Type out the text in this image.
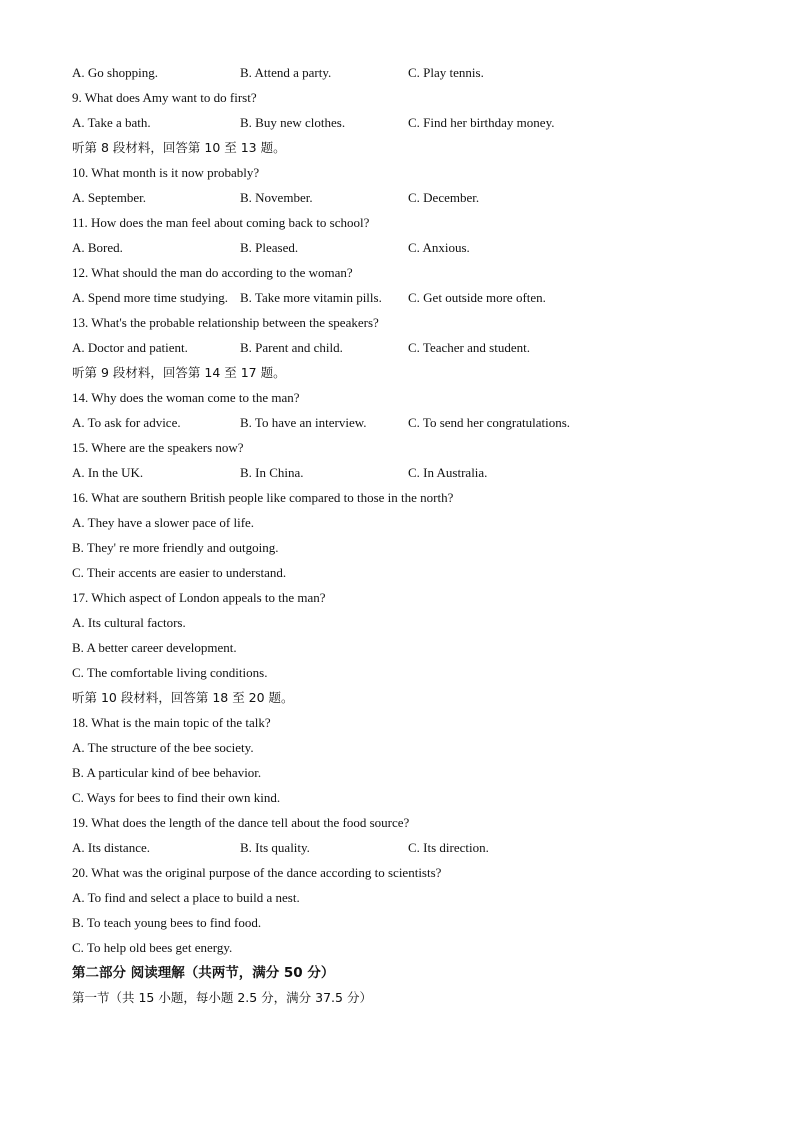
A. Go shopping.	B. Attend a party.	C. Play tennis.
9. What does Amy want to do first?
A. Take a bath.	B. Buy new clothes.	C. Find her birthday money.
听第 8 段材料，回答第 10 至 13 题。
10. What month is it now probably?
A. September.	B. November.	C. December.
11. How does the man feel about coming back to school?
A. Bored.	B. Pleased.	C. Anxious.
12. What should the man do according to the woman?
A. Spend more time studying. B. Take more vitamin pills. C. Get outside more often.
13. What's the probable relationship between the speakers?
A. Doctor and patient.	B. Parent and child.	C. Teacher and student.
听第 9 段材料，回答第 14 至 17 题。
14. Why does the woman come to the man?
A. To ask for advice.	B. To have an interview.	C. To send her congratulations.
15. Where are the speakers now?
A. In the UK.	B. In China.	C. In Australia.
16. What are southern British people like compared to those in the north?
A. They have a slower pace of life.
B. They' re more friendly and outgoing.
C. Their accents are easier to understand.
17. Which aspect of London appeals to the man?
A. Its cultural factors.
B. A better career development.
C. The comfortable living conditions.
听第 10 段材料，回答第 18 至 20 题。
18. What is the main topic of the talk?
A. The structure of the bee society.
B. A particular kind of bee behavior.
C. Ways for bees to find their own kind.
19. What does the length of the dance tell about the food source?
A. Its distance.	B. Its quality.	C. Its direction.
20. What was the original purpose of the dance according to scientists?
A. To find and select a place to build a nest.
B. To teach young bees to find food.
C. To help old bees get energy.
第二部分 阅读理解（共两节，满分 50 分）
第一节（共 15 小题，每小题 2.5 分，满分 37.5 分）
